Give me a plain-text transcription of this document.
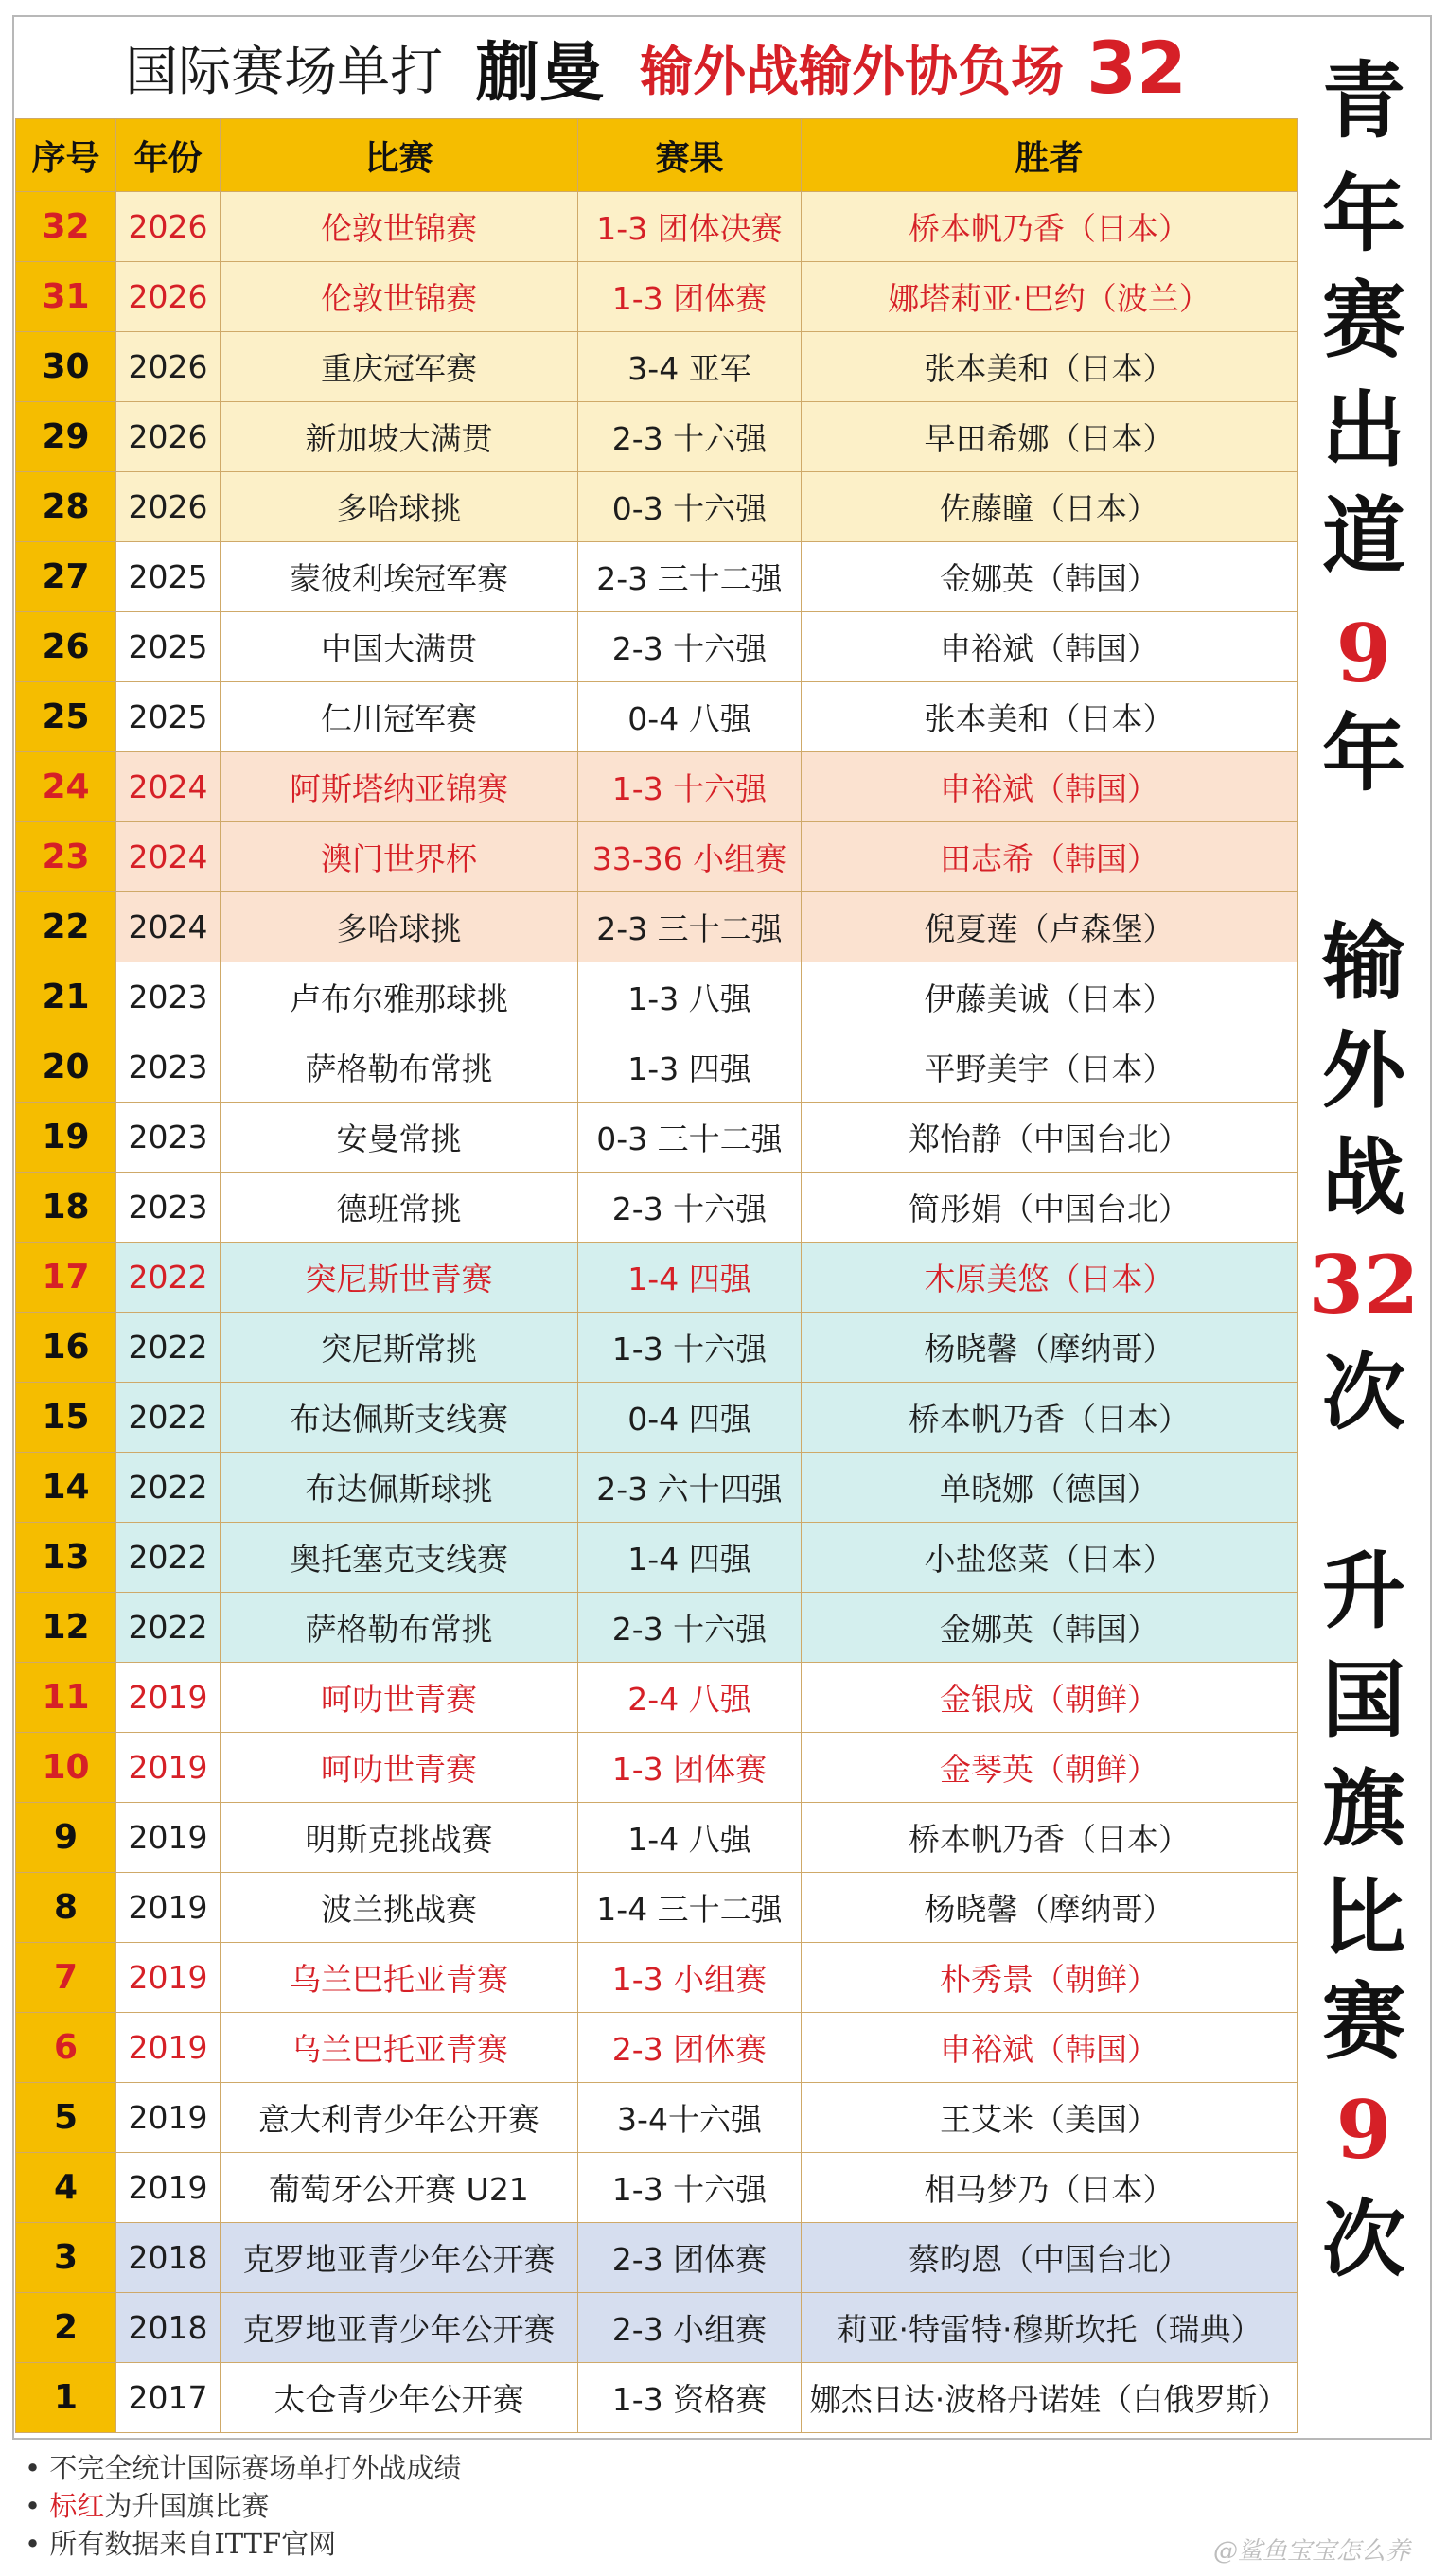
国际赛场单打 蒯曼 输外战输外协负场 32
序号	年份	比赛	赛果	胜者
32	2026	伦敦世锦赛	1-3 团体决赛	桥本帆乃香（日本）
31	2026	伦敦世锦赛	1-3 团体赛	娜塔莉亚·巴约（波兰）
30	2026	重庆冠军赛	3-4 亚军	张本美和（日本）
29	2026	新加坡大满贯	2-3 十六强	早田希娜（日本）
28	2026	多哈球挑	0-3 十六强	佐藤瞳（日本）
27	2025	蒙彼利埃冠军赛	2-3 三十二强	金娜英（韩国）
26	2025	中国大满贯	2-3 十六强	申裕斌（韩国）
25	2025	仁川冠军赛	0-4 八强	张本美和（日本）
24	2024	阿斯塔纳亚锦赛	1-3 十六强	申裕斌（韩国）
23	2024	澳门世界杯	33-36 小组赛	田志希（韩国）
22	2024	多哈球挑	2-3 三十二强	倪夏莲（卢森堡）
21	2023	卢布尔雅那球挑	1-3 八强	伊藤美诚（日本）
20	2023	萨格勒布常挑	1-3 四强	平野美宇（日本）
19	2023	安曼常挑	0-3 三十二强	郑怡静（中国台北）
18	2023	德班常挑	2-3 十六强	简彤娟（中国台北）
17	2022	突尼斯世青赛	1-4 四强	木原美悠（日本）
16	2022	突尼斯常挑	1-3 十六强	杨晓馨（摩纳哥）
15	2022	布达佩斯支线赛	0-4 四强	桥本帆乃香（日本）
14	2022	布达佩斯球挑	2-3 六十四强	单晓娜（德国）
13	2022	奥托塞克支线赛	1-4 四强	小盐悠菜（日本）
12	2022	萨格勒布常挑	2-3 十六强	金娜英（韩国）
11	2019	呵叻世青赛	2-4 八强	金银成（朝鲜）
10	2019	呵叻世青赛	1-3 团体赛	金琴英（朝鲜）
9	2019	明斯克挑战赛	1-4 八强	桥本帆乃香（日本）
8	2019	波兰挑战赛	1-4 三十二强	杨晓馨（摩纳哥）
7	2019	乌兰巴托亚青赛	1-3 小组赛	朴秀景（朝鲜）
6	2019	乌兰巴托亚青赛	2-3 团体赛	申裕斌（韩国）
5	2019	意大利青少年公开赛	3-4十六强	王艾米（美国）
4	2019	葡萄牙公开赛 U21	1-3 十六强	相马梦乃（日本）
3	2018	克罗地亚青少年公开赛	2-3 团体赛	蔡昀恩（中国台北）
2	2018	克罗地亚青少年公开赛	2-3 小组赛	莉亚·特雷特·穆斯坎托（瑞典）
1	2017	太仓青少年公开赛	1-3 资格赛	娜杰日达·波格丹诺娃（白俄罗斯）
青
年
赛
出
道
9
年
输
外
战
32
次
升
国
旗
比
赛
9
次
• 不完全统计国际赛场单打外战成绩
• 标红为升国旗比赛
• 所有数据来自ITTF官网	@鲨鱼宝宝怎么养
